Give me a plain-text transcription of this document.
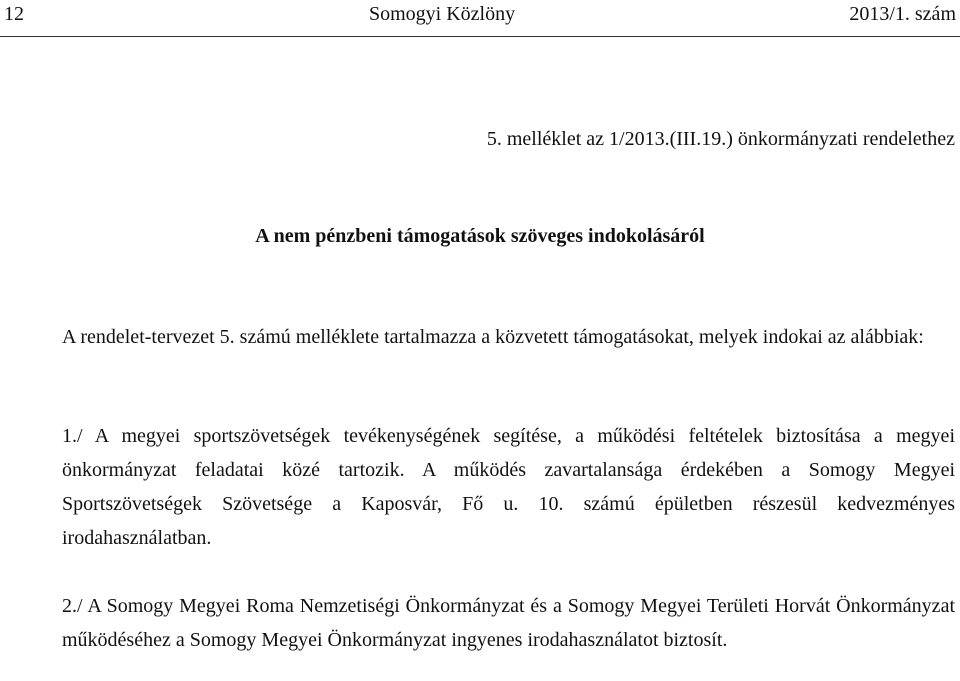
12	Somogyi Közlöny	2013/1. szám
5. melléklet az 1/2013.(III.19.) önkormányzati rendelethez
A nem pénzbeni támogatások szöveges indokolásáról

A rendelet-tervezet 5. számú melléklete tartalmazza a közvetett támogatásokat, melyek indokai az alábbiak:

1./ A megyei sportszövetségek tevékenységének segítése, a működési feltételek biztosítása a megyei önkormányzat feladatai közé tartozik. A működés zavartalansága érdekében a Somogy Megyei Sportszövetségek Szövetsége a Kaposvár, Fő u. 10. számú épületben részesül kedvezményes irodahasználatban.

2./ A Somogy Megyei Roma Nemzetiségi Önkormányzat és a Somogy Megyei Területi Horvát Önkormányzat működéséhez a Somogy Megyei Önkormányzat ingyenes irodahasználatot biztosít.
